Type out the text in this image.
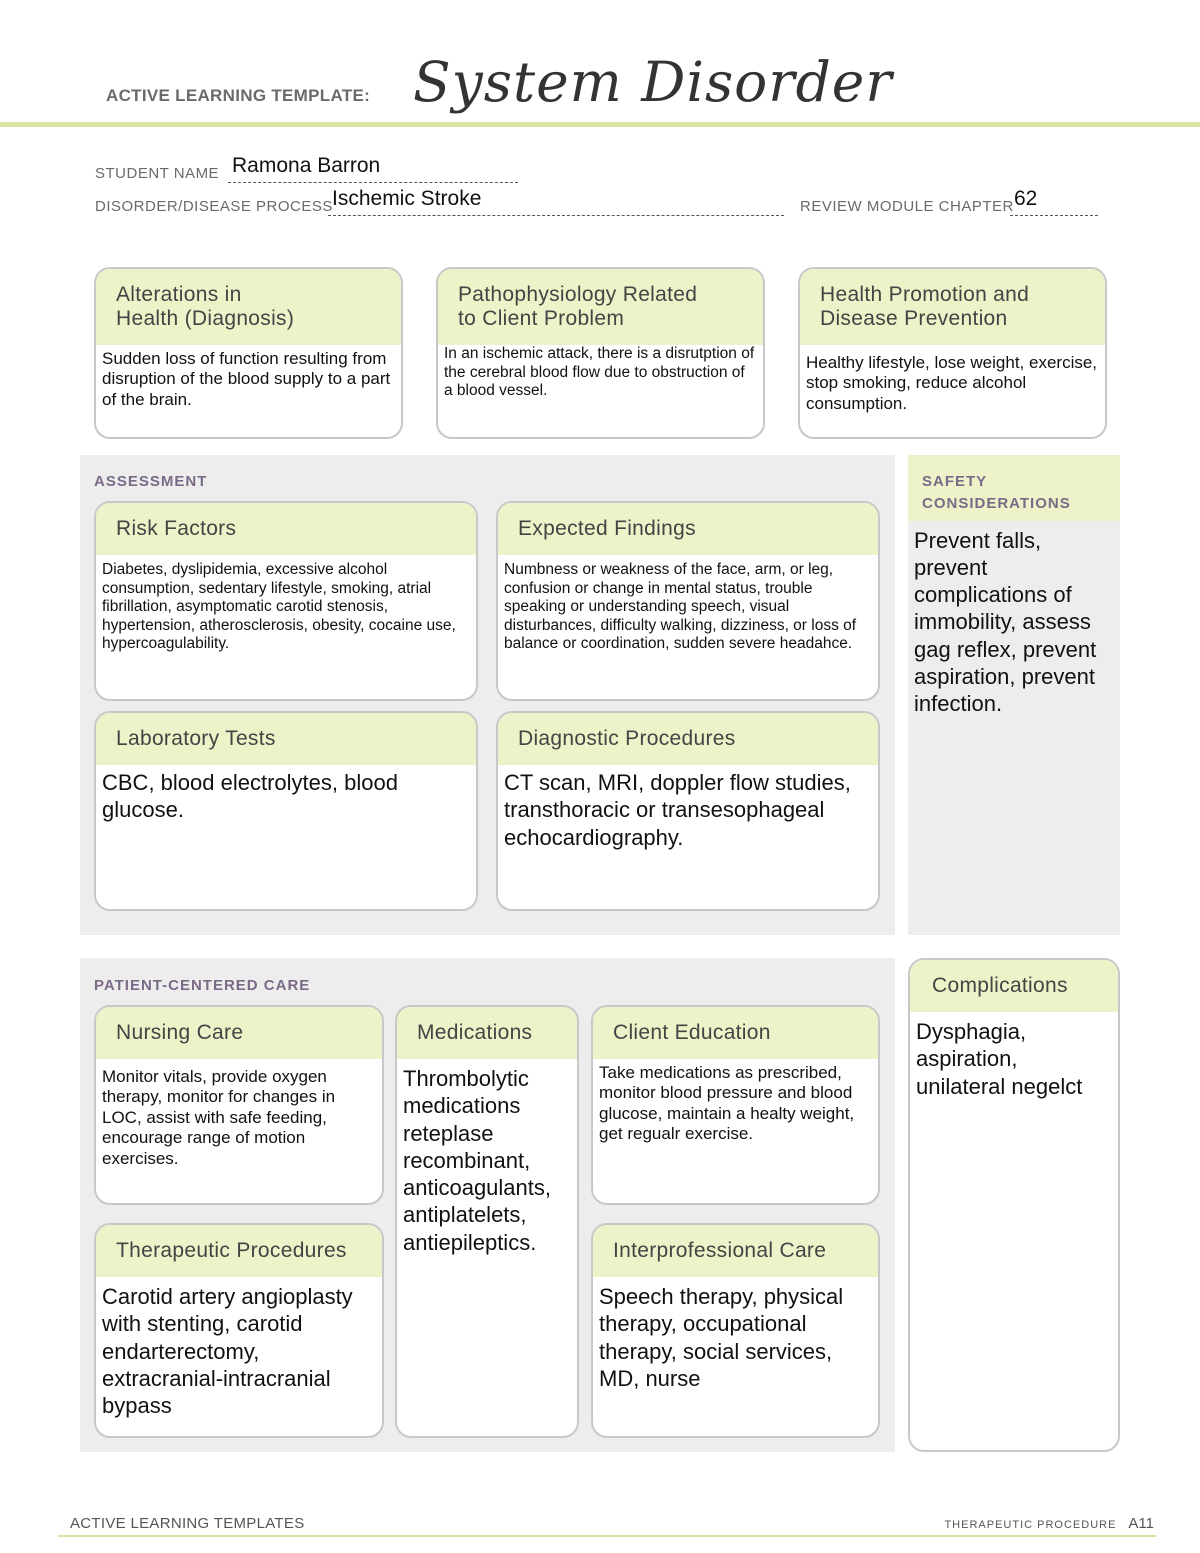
ACTIVE LEARNING TEMPLATE: System Disorder
STUDENT NAME Ramona Barron
DISORDER/DISEASE PROCESS Ischemic Stroke	REVIEW MODULE CHAPTER 62
Alterations in
Health (Diagnosis)
Sudden loss of function resulting from disruption of the blood supply to a part of the brain.
Pathophysiology Related
to Client Problem
In an ischemic attack, there is a disrutption of the cerebral blood flow due to obstruction of a blood vessel.
Health Promotion and
Disease Prevention
Healthy lifestyle, lose weight, exercise, stop smoking, reduce alcohol consumption.
ASSESSMENT
Risk Factors
Diabetes, dyslipidemia, excessive alcohol consumption, sedentary lifestyle, smoking, atrial fibrillation, asymptomatic carotid stenosis, hypertension, atherosclerosis, obesity, cocaine use, hypercoagulability.
Expected Findings
Numbness or weakness of the face, arm, or leg, confusion or change in mental status, trouble speaking or understanding speech, visual disturbances, difficulty walking, dizziness, or loss of balance or coordination, sudden severe headahce.
Laboratory Tests
CBC, blood electrolytes, blood glucose.
Diagnostic Procedures
CT scan, MRI, doppler flow studies, transthoracic or transesophageal echocardiography.
SAFETY
CONSIDERATIONS
Prevent falls, prevent complications of immobility, assess gag reflex, prevent aspiration, prevent infection.
PATIENT-CENTERED CARE
Nursing Care
Monitor vitals, provide oxygen therapy, monitor for changes in LOC, assist with safe feeding, encourage range of motion exercises.
Medications
Thrombolytic medications reteplase recombinant, anticoagulants, antiplatelets, antiepileptics.
Client Education
Take medications as prescribed, monitor blood pressure and blood glucose, maintain a healty weight, get regualr exercise.
Therapeutic Procedures
Carotid artery angioplasty with stenting, carotid endarterectomy, extracranial-intracranial bypass
Interprofessional Care
Speech therapy, physical therapy, occupational therapy, social services, MD, nurse
Complications
Dysphagia, aspiration, unilateral negelct
ACTIVE LEARNING TEMPLATES	THERAPEUTIC PROCEDURE A11
